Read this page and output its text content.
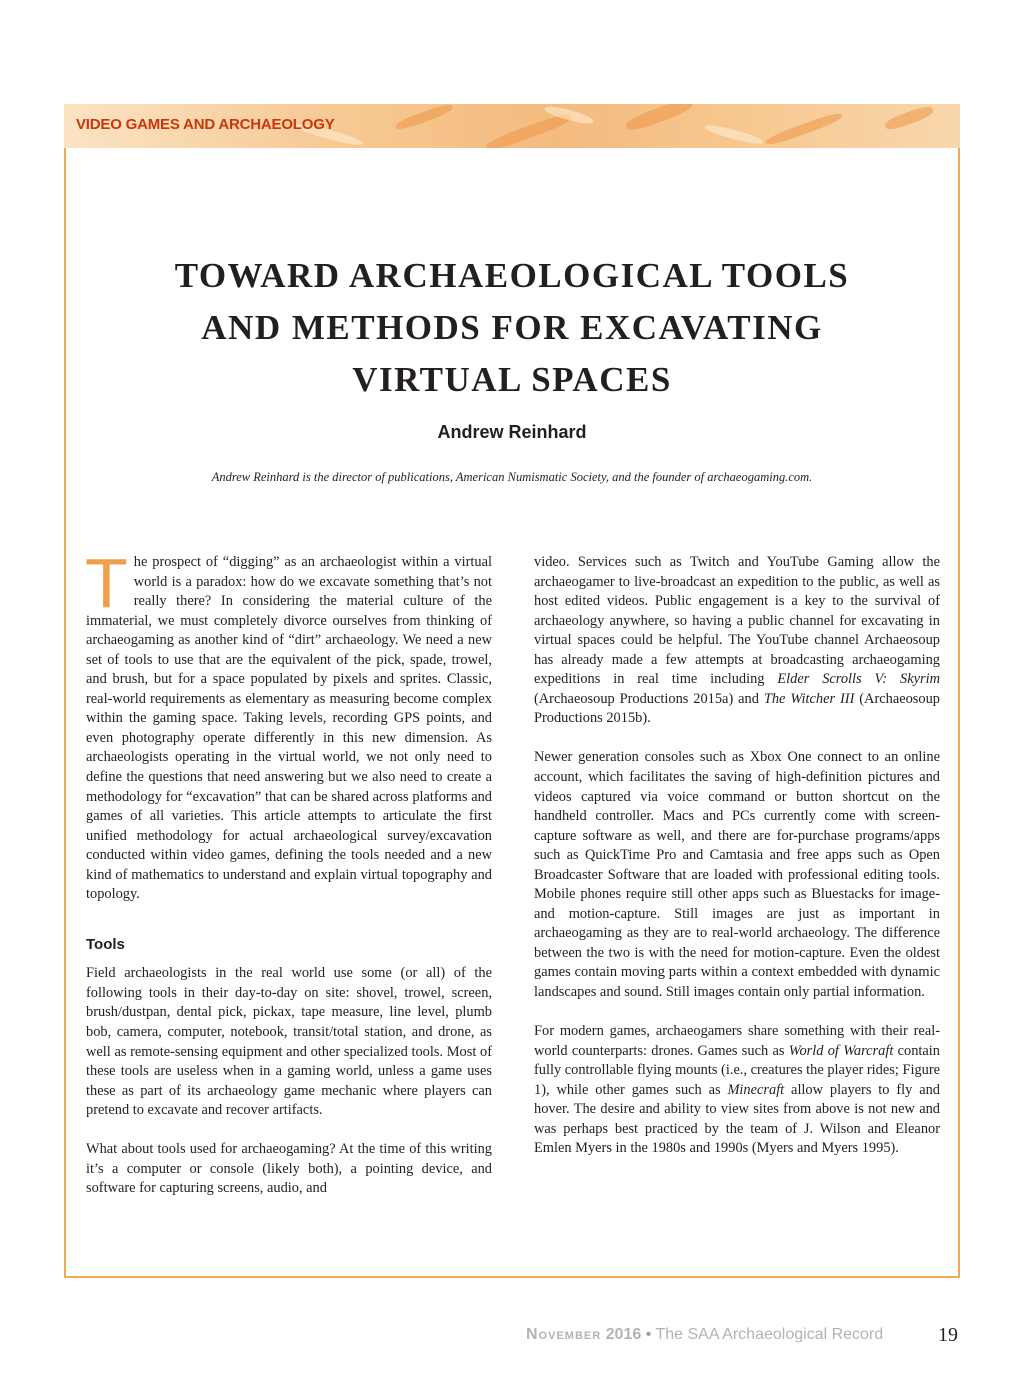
VIDEO GAMES AND ARCHAEOLOGY
TOWARD ARCHAEOLOGICAL TOOLS
AND METHODS FOR EXCAVATING
VIRTUAL SPACES
Andrew Reinhard
Andrew Reinhard is the director of publications, American Numismatic Society, and the founder of archaeogaming.com.

The prospect of “digging” as an archaeologist within a virtual world is a paradox: how do we excavate something that’s not really there? In considering the material culture of the immaterial, we must completely divorce ourselves from thinking of archaeogaming as another kind of “dirt” archaeology. We need a new set of tools to use that are the equivalent of the pick, spade, trowel, and brush, but for a space populated by pixels and sprites. Classic, real-world requirements as elementary as measuring become complex within the gaming space. Taking levels, recording GPS points, and even photography operate differently in this new dimension. As archaeologists operating in the virtual world, we not only need to define the questions that need answering but we also need to create a methodology for “excavation” that can be shared across platforms and games of all varieties. This article attempts to articulate the first unified methodology for actual archaeological survey/excavation conducted within video games, defining the tools needed and a new kind of mathematics to understand and explain virtual topography and topology.

Tools

Field archaeologists in the real world use some (or all) of the following tools in their day-to-day on site: shovel, trowel, screen, brush/dustpan, dental pick, pickax, tape measure, line level, plumb bob, camera, computer, notebook, transit/total station, and drone, as well as remote-sensing equipment and other specialized tools. Most of these tools are useless when in a gaming world, unless a game uses these as part of its archaeology game mechanic where players can pretend to excavate and recover artifacts.

What about tools used for archaeogaming? At the time of this writing it’s a computer or console (likely both), a pointing device, and software for capturing screens, audio, and

video. Services such as Twitch and YouTube Gaming allow the archaeogamer to live-broadcast an expedition to the public, as well as host edited videos. Public engagement is a key to the survival of archaeology anywhere, so having a public channel for excavating in virtual spaces could be helpful. The YouTube channel Archaeosoup has already made a few attempts at broadcasting archaeogaming expeditions in real time including Elder Scrolls V: Skyrim (Archaeosoup Productions 2015a) and The Witcher III (Archaeosoup Productions 2015b).

Newer generation consoles such as Xbox One connect to an online account, which facilitates the saving of high-definition pictures and videos captured via voice command or button shortcut on the handheld controller. Macs and PCs currently come with screen-capture software as well, and there are for-purchase programs/apps such as QuickTime Pro and Camtasia and free apps such as Open Broadcaster Software that are loaded with professional editing tools. Mobile phones require still other apps such as Bluestacks for image- and motion-capture. Still images are just as important in archaeogaming as they are to real-world archaeology. The difference between the two is with the need for motion-capture. Even the oldest games contain moving parts within a context embedded with dynamic landscapes and sound. Still images contain only partial information.

For modern games, archaeogamers share something with their real-world counterparts: drones. Games such as World of Warcraft contain fully controllable flying mounts (i.e., creatures the player rides; Figure 1), while other games such as Minecraft allow players to fly and hover. The desire and ability to view sites from above is not new and was perhaps best practiced by the team of J. Wilson and Eleanor Emlen Myers in the 1980s and 1990s (Myers and Myers 1995).

November 2016 • The SAA Archaeological Record	19
